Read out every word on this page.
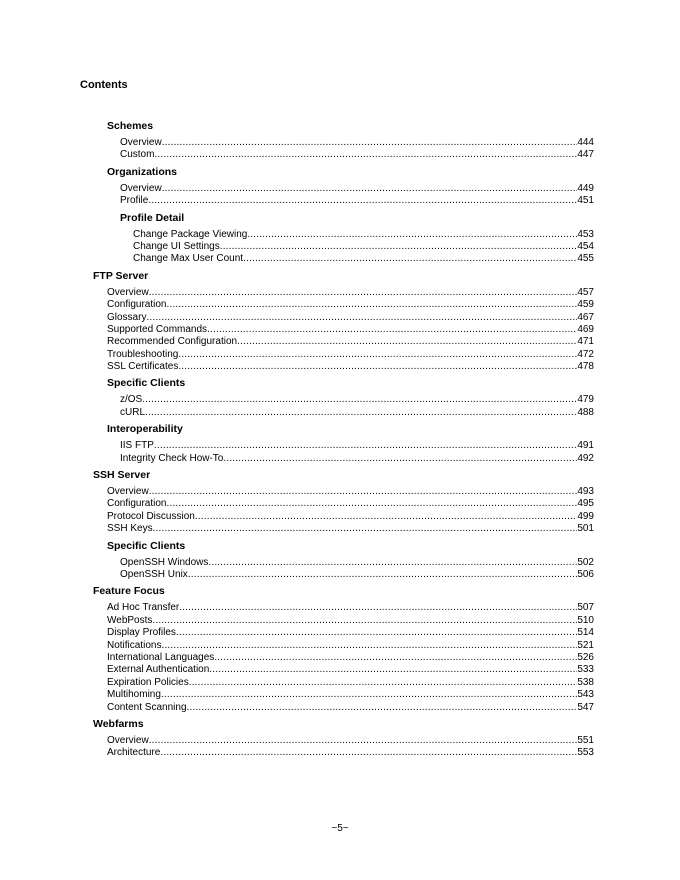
Contents
Schemes
Overview .....	444
Custom .....	447
Organizations
Overview .....	449
Profile .....	451
Profile Detail
Change Package Viewing .....	453
Change UI Settings .....	454
Change Max User Count .....	455
FTP Server
Overview .....	457
Configuration .....	459
Glossary .....	467
Supported Commands .....	469
Recommended Configuration .....	471
Troubleshooting .....	472
SSL Certificates .....	478
Specific Clients
z/OS .....	479
cURL .....	488
Interoperability
IIS FTP .....	491
Integrity Check How-To .....	492
SSH Server
Overview .....	493
Configuration .....	495
Protocol Discussion .....	499
SSH Keys .....	501
Specific Clients
OpenSSH Windows .....	502
OpenSSH Unix .....	506
Feature Focus
Ad Hoc Transfer .....	507
WebPosts .....	510
Display Profiles .....	514
Notifications .....	521
International Languages .....	526
External Authentication .....	533
Expiration Policies .....	538
Multihoming .....	543
Content Scanning .....	547
Webfarms
Overview .....	551
Architecture .....	553
~5~
